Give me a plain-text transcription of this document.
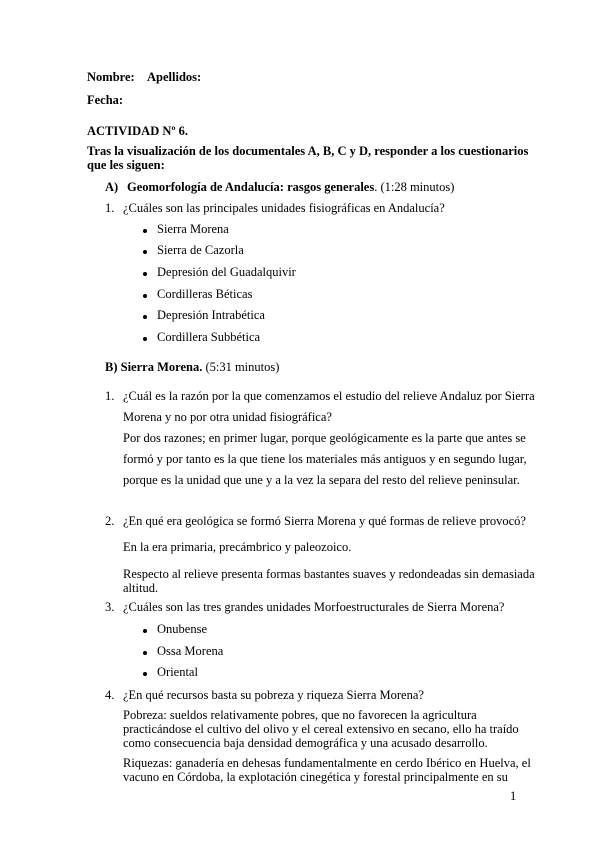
Nombre: Apellidos:
Fecha:
ACTIVIDAD Nº 6.
Tras la visualización de los documentales A, B, C y D, responder a los cuestionarios
que les siguen:
A) Geomorfología de Andalucía: rasgos generales. (1:28 minutos)
1. ¿Cuáles son las principales unidades fisiográficas en Andalucía?
Sierra Morena
Sierra de Cazorla
Depresión del Guadalquivir
Cordilleras Béticas
Depresión Intrabética
Cordillera Subbética
B) Sierra Morena. (5:31 minutos)
1. ¿Cuál es la razón por la que comenzamos el estudio del relieve Andaluz por Sierra
Morena y no por otra unidad fisiográfica?
Por dos razones; en primer lugar, porque geológicamente es la parte que antes se
formó y por tanto es la que tiene los materiales más antiguos y en segundo lugar,
porque es la unidad que une y a la vez la separa del resto del relieve peninsular.
2. ¿En qué era geológica se formó Sierra Morena y qué formas de relieve provocó?
En la era primaria, precámbrico y paleozoico.
Respecto al relieve presenta formas bastantes suaves y redondeadas sin demasiada
altitud.
3. ¿Cuáles son las tres grandes unidades Morfoestructurales de Sierra Morena?
Onubense
Ossa Morena
Oriental
4. ¿En qué recursos basta su pobreza y riqueza Sierra Morena?
Pobreza: sueldos relativamente pobres, que no favorecen la agricultura
practicándose el cultivo del olivo y el cereal extensivo en secano, ello ha traído
como consecuencia baja densidad demográfica y una acusado desarrollo.
Riquezas: ganadería en dehesas fundamentalmente en cerdo Ibérico en Huelva, el
vacuno en Córdoba, la explotación cinegética y forestal principalmente en su
1
